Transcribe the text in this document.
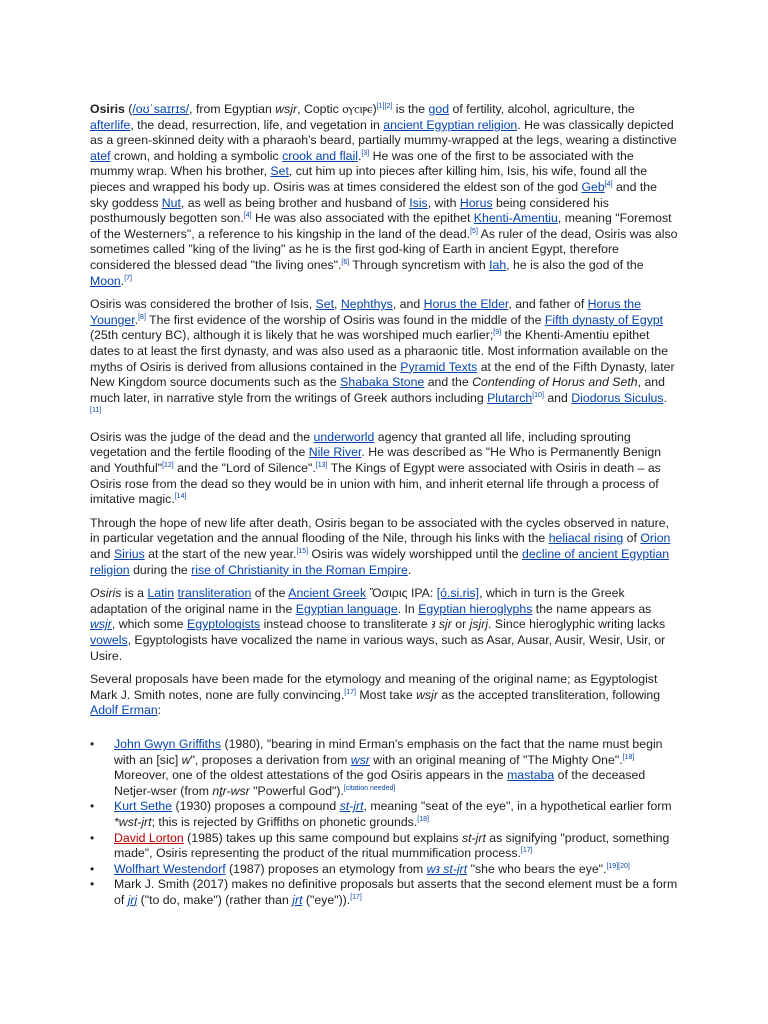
Osiris (/oʊˈsaɪrɪs/, from Egyptian wsjr, Coptic ⲟⲩⲥⲓⲣⲉ)[1][2] is the god of fertility, alcohol, agriculture, the afterlife, the dead, resurrection, life, and vegetation in ancient Egyptian religion. He was classically depicted as a green-skinned deity with a pharaoh's beard, partially mummy-wrapped at the legs, wearing a distinctive atef crown, and holding a symbolic crook and flail.[3] He was one of the first to be associated with the mummy wrap. When his brother, Set, cut him up into pieces after killing him, Isis, his wife, found all the pieces and wrapped his body up. Osiris was at times considered the eldest son of the god Geb[4] and the sky goddess Nut, as well as being brother and husband of Isis, with Horus being considered his posthumously begotten son.[4] He was also associated with the epithet Khenti-Amentiu, meaning "Foremost of the Westerners", a reference to his kingship in the land of the dead.[5] As ruler of the dead, Osiris was also sometimes called "king of the living" as he is the first god-king of Earth in ancient Egypt, therefore considered the blessed dead "the living ones".[6] Through syncretism with Iah, he is also the god of the Moon.[7]

Osiris was considered the brother of Isis, Set, Nephthys, and Horus the Elder, and father of Horus the Younger.[8] The first evidence of the worship of Osiris was found in the middle of the Fifth dynasty of Egypt (25th century BC), although it is likely that he was worshiped much earlier;[9] the Khenti-Amentiu epithet dates to at least the first dynasty, and was also used as a pharaonic title. Most information available on the myths of Osiris is derived from allusions contained in the Pyramid Texts at the end of the Fifth Dynasty, later New Kingdom source documents such as the Shabaka Stone and the Contending of Horus and Seth, and much later, in narrative style from the writings of Greek authors including Plutarch[10] and Diodorus Siculus.[11]

Osiris was the judge of the dead and the underworld agency that granted all life, including sprouting vegetation and the fertile flooding of the Nile River. He was described as "He Who is Permanently Benign and Youthful"[12] and the "Lord of Silence".[13] The Kings of Egypt were associated with Osiris in death – as Osiris rose from the dead so they would be in union with him, and inherit eternal life through a process of imitative magic.[14]

Through the hope of new life after death, Osiris began to be associated with the cycles observed in nature, in particular vegetation and the annual flooding of the Nile, through his links with the heliacal rising of Orion and Sirius at the start of the new year.[15] Osiris was widely worshipped until the decline of ancient Egyptian religion during the rise of Christianity in the Roman Empire.

Osiris is a Latin transliteration of the Ancient Greek Ὄσιρις IPA: [ó.si.ris], which in turn is the Greek adaptation of the original name in the Egyptian language. In Egyptian hieroglyphs the name appears as wsjr, which some Egyptologists instead choose to transliterate ꜣ sjr or jsjrj. Since hieroglyphic writing lacks vowels, Egyptologists have vocalized the name in various ways, such as Asar, Ausar, Ausir, Wesir, Usir, or Usire.

Several proposals have been made for the etymology and meaning of the original name; as Egyptologist Mark J. Smith notes, none are fully convincing.[17] Most take wsjr as the accepted transliteration, following Adolf Erman:

• John Gwyn Griffiths (1980), "bearing in mind Erman's emphasis on the fact that the name must begin with an [sic] w", proposes a derivation from wsr with an original meaning of "The Mighty One".[18] Moreover, one of the oldest attestations of the god Osiris appears in the mastaba of the deceased Netjer-wser (from nṯr-wsr "Powerful God").[citation needed]
• Kurt Sethe (1930) proposes a compound st-jrt, meaning "seat of the eye", in a hypothetical earlier form *wst-jrt; this is rejected by Griffiths on phonetic grounds.[18]
• David Lorton (1985) takes up this same compound but explains st-jrt as signifying "product, something made", Osiris representing the product of the ritual mummification process.[17]
• Wolfhart Westendorf (1987) proposes an etymology from wꜣ st-jrt "she who bears the eye".[19][20]
• Mark J. Smith (2017) makes no definitive proposals but asserts that the second element must be a form of jrj ("to do, make") (rather than jrt ("eye")).[17]
